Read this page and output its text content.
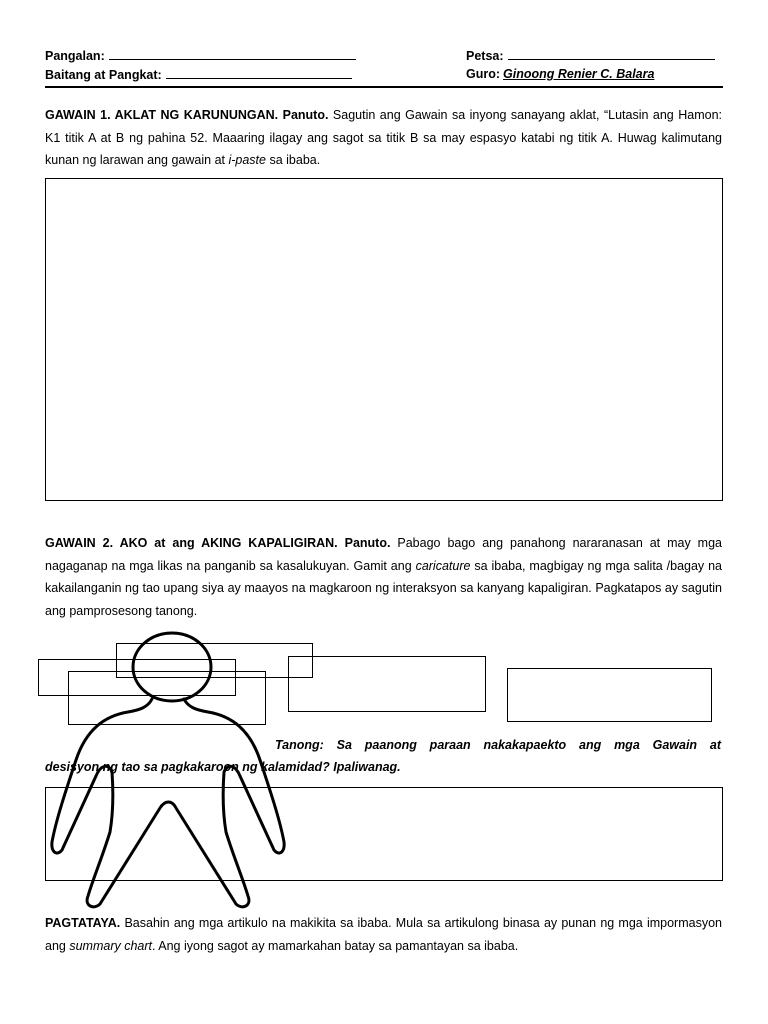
Pangalan:	Petsa:
Baitang at Pangkat:	Guro: Ginoong Renier C. Balara
GAWAIN 1. AKLAT NG KARUNUNGAN. Panuto. Sagutin ang Gawain sa inyong sanayang aklat, “Lutasin ang Hamon: K1 titik A at B ng pahina 52. Maaaring ilagay ang sagot sa titik B sa may espasyo katabi ng titik A. Huwag kalimutang kunan ng larawan ang gawain at i-paste sa ibaba.
GAWAIN 2. AKO at ang AKING KAPALIGIRAN. Panuto. Pabago bago ang panahong nararanasan at may mga nagaganap na mga likas na panganib sa kasalukuyan. Gamit ang caricature sa ibaba, magbigay ng mga salita /bagay na kakailanganin ng tao upang siya ay maayos na magkaroon ng interaksyon sa kanyang kapaligiran. Pagkatapos ay sagutin ang pamprosesong tanong.
Tanong: Sa paanong paraan nakakapaekto ang mga Gawain at
desisyon ng tao sa pagkakaroon ng kalamidad? Ipaliwanag.
PAGTATAYA. Basahin ang mga artikulo na makikita sa ibaba. Mula sa artikulong binasa ay punan ng mga impormasyon ang summary chart. Ang iyong sagot ay mamarkahan batay sa pamantayan sa ibaba.
